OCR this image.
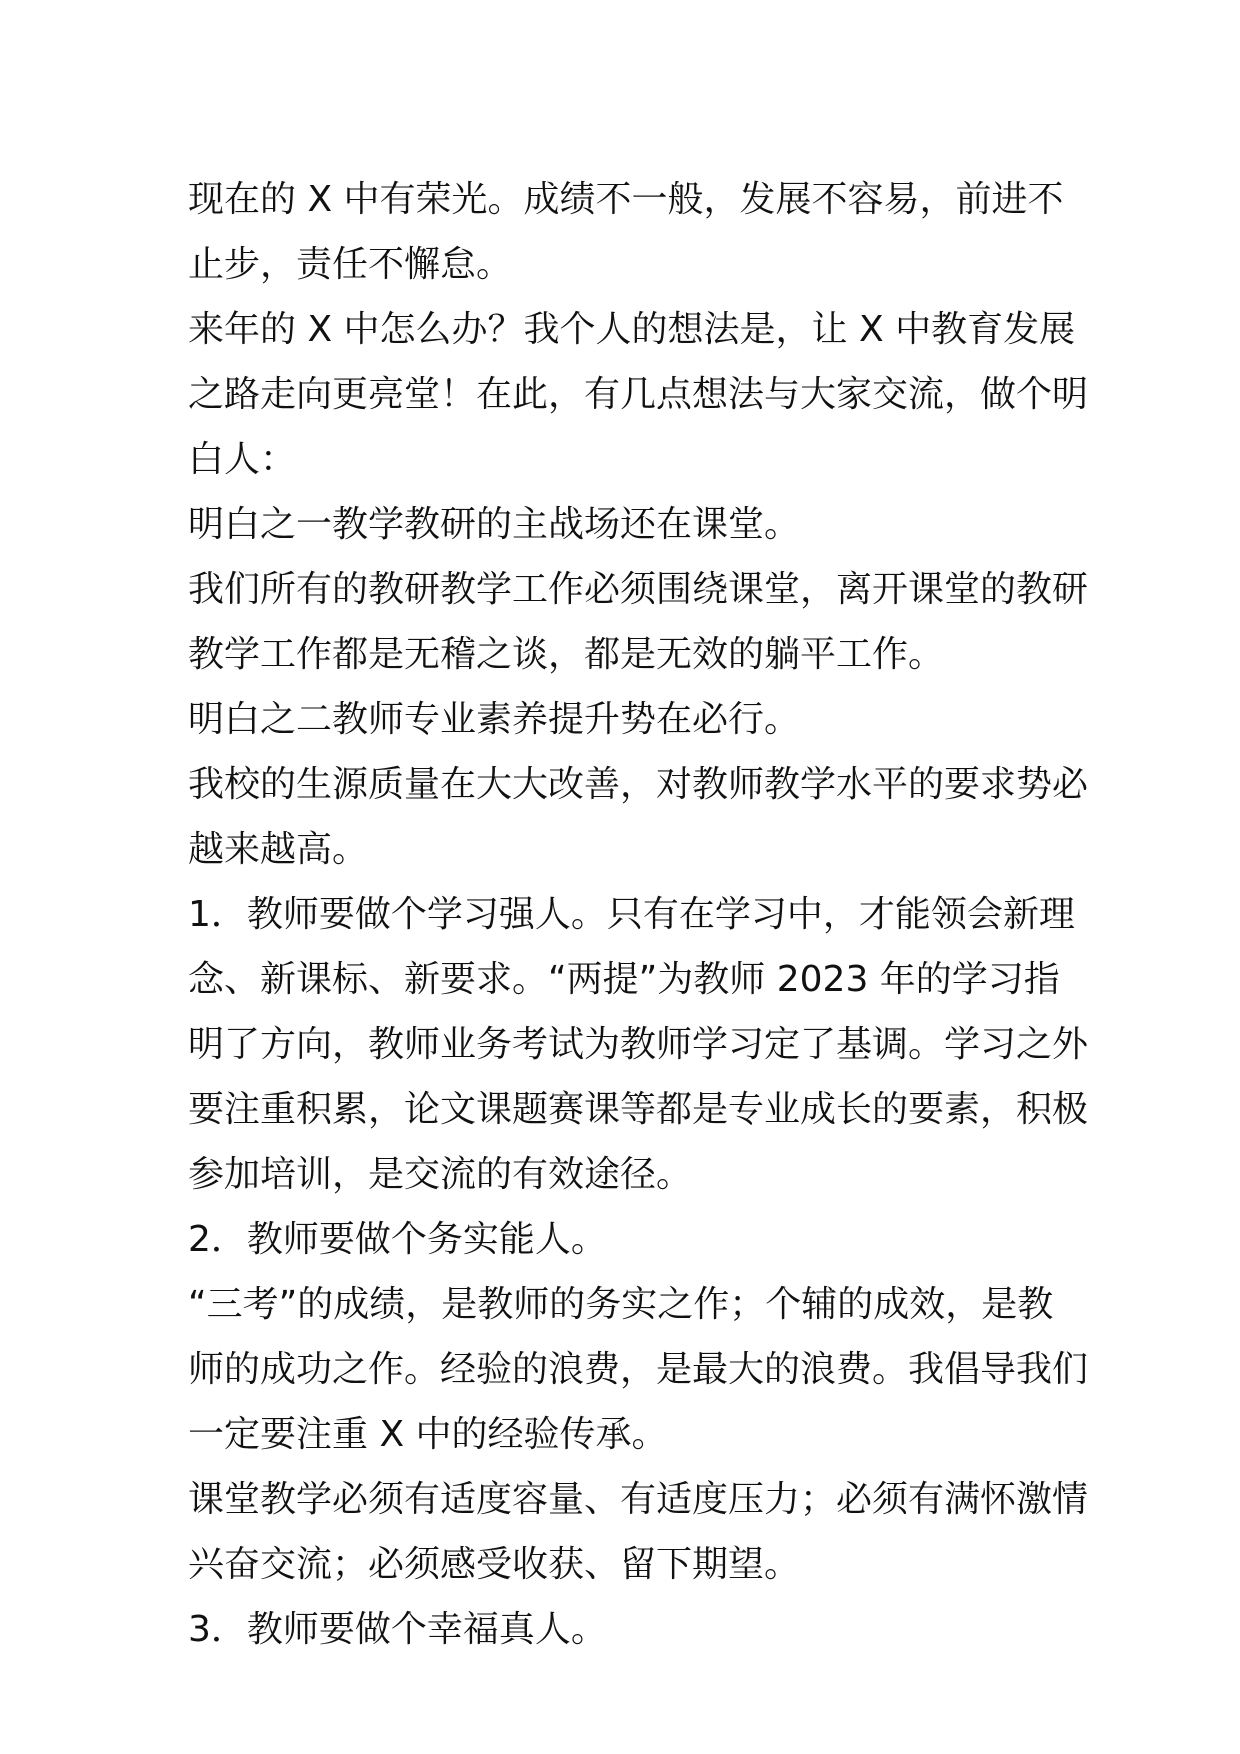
现在的 X 中有荣光。成绩不一般，发展不容易，前进不止步，责任不懈怠。

来年的 X 中怎么办？我个人的想法是，让 X 中教育发展之路走向更亮堂！在此，有几点想法与大家交流，做个明白人：

明白之一教学教研的主战场还在课堂。

我们所有的教研教学工作必须围绕课堂，离开课堂的教研教学工作都是无稽之谈，都是无效的躺平工作。

明白之二教师专业素养提升势在必行。

我校的生源质量在大大改善，对教师教学水平的要求势必越来越高。

1．教师要做个学习强人。只有在学习中，才能领会新理念、新课标、新要求。“两提”为教师 2023 年的学习指明了方向，教师业务考试为教师学习定了基调。学习之外要注重积累，论文课题赛课等都是专业成长的要素，积极参加培训，是交流的有效途径。

2．教师要做个务实能人。

“三考”的成绩，是教师的务实之作；个辅的成效，是教师的成功之作。经验的浪费，是最大的浪费。我倡导我们一定要注重 X 中的经验传承。

课堂教学必须有适度容量、有适度压力；必须有满怀激情兴奋交流；必须感受收获、留下期望。

3．教师要做个幸福真人。
